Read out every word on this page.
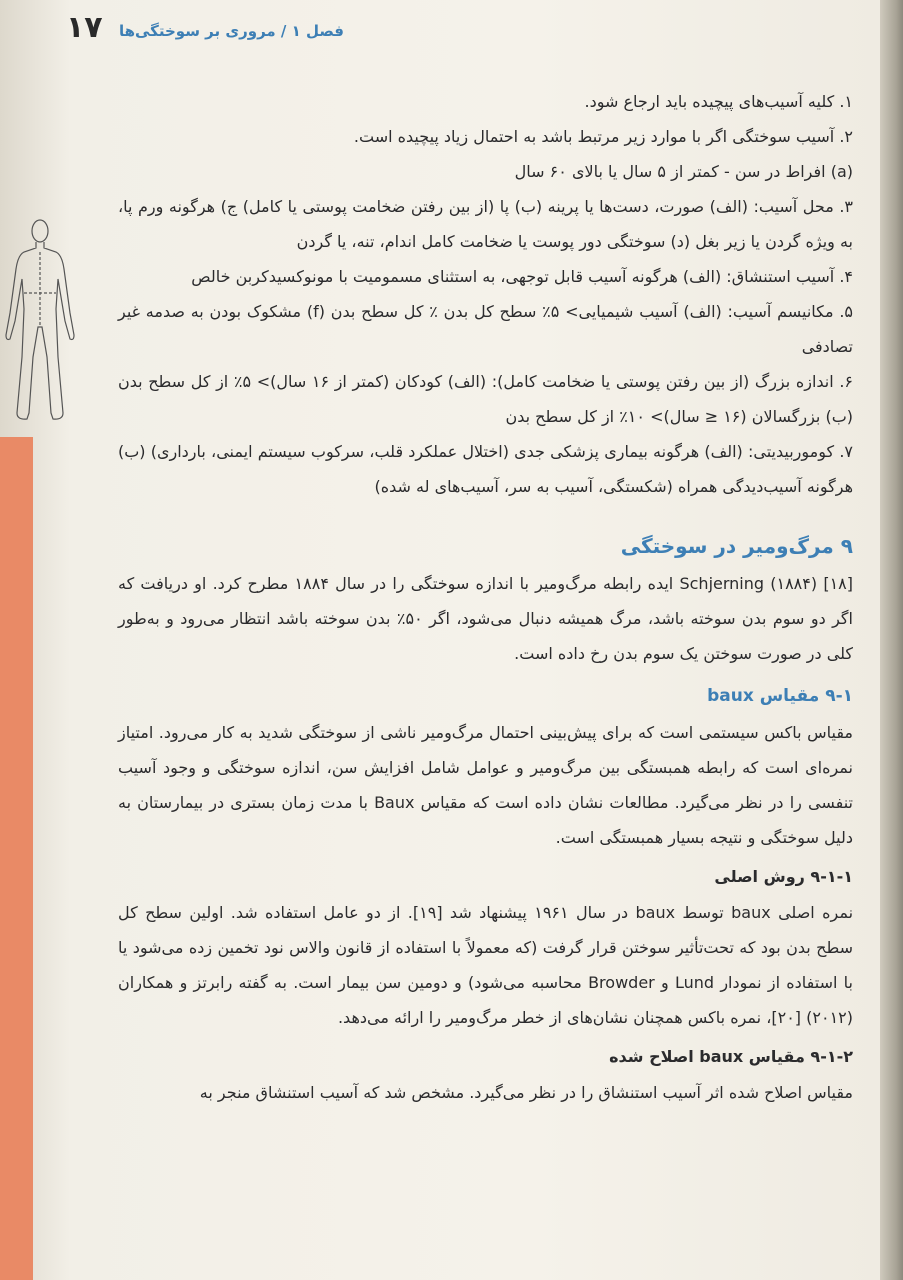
۱۷ فصل ۱ / مروری بر سوختگی‌ها
۱. کلیه آسیب‌های پیچیده باید ارجاع شود.
۲. آسیب سوختگی اگر با موارد زیر مرتبط باشد به احتمال زیاد پیچیده است.
(a) افراط در سن - کمتر از ۵ سال یا بالای ۶۰ سال
۳. محل آسیب: (الف) صورت، دست‌ها یا پرینه (ب) پا (از بین رفتن ضخامت پوستی یا کامل) ج) هرگونه ورم پا، به ویژه گردن یا زیر بغل (د) سوختگی دور پوست یا ضخامت کامل اندام، تنه، یا گردن
۴. آسیب استنشاق: (الف) هرگونه آسیب قابل توجهی، به استثنای مسمومیت با مونوکسیدکربن خالص
۵. مکانیسم آسیب: (الف) آسیب شیمیایی> ۵٪ سطح کل بدن ٪ کل سطح بدن (f) مشکوک بودن به صدمه غیر تصادفی
۶. اندازه بزرگ (از بین رفتن پوستی یا ضخامت کامل): (الف) کودکان (کمتر از ۱۶ سال)> ۵٪ از کل سطح بدن (ب) بزرگسالان (۱۶ ≤ سال)> ۱۰٪ از کل سطح بدن
۷. کوموربیدیتی: (الف) هرگونه بیماری پزشکی جدی (اختلال عملکرد قلب، سرکوب سیستم ایمنی، بارداری) (ب) هرگونه آسیب‌دیدگی همراه (شکستگی، آسیب به سر، آسیب‌های له شده)
۹ مرگ‌ومیر در سوختگی

Schjerning (۱۸۸۴) [۱۸] ایده رابطه مرگ‌ومیر با اندازه سوختگی را در سال ۱۸۸۴ مطرح کرد. او دریافت که اگر دو سوم بدن سوخته باشد، مرگ همیشه دنبال می‌شود، اگر ۵۰٪ بدن سوخته باشد انتظار می‌رود و به‌طور کلی در صورت سوختن یک سوم بدن رخ داده است.

۹-۱ مقیاس baux

مقیاس باکس سیستمی است که برای پیش‌بینی احتمال مرگ‌ومیر ناشی از سوختگی شدید به کار می‌رود. امتیاز نمره‌ای است که رابطه همبستگی بین مرگ‌ومیر و عوامل شامل افزایش سن، اندازه سوختگی و وجود آسیب تنفسی را در نظر می‌گیرد. مطالعات نشان داده است که مقیاس Baux با مدت زمان بستری در بیمارستان به دلیل سوختگی و نتیجه بسیار همبستگی است.

۹-۱-۱ روش اصلی

نمره اصلی baux توسط baux در سال ۱۹۶۱ پیشنهاد شد [۱۹]. از دو عامل استفاده شد. اولین سطح کل سطح بدن بود که تحت‌تأثیر سوختن قرار گرفت (که معمولاً با استفاده از قانون والاس نود تخمین زده می‌شود یا با استفاده از نمودار Lund و Browder محاسبه می‌شود) و دومین سن بیمار است. به گفته رابرتز و همکاران (۲۰۱۲) [۲۰]، نمره باکس همچنان نشان‌های از خطر مرگ‌ومیر را ارائه می‌دهد.

۹-۱-۲ مقیاس baux اصلاح شده

مقیاس اصلاح شده اثر آسیب استنشاق را در نظر می‌گیرد. مشخص شد که آسیب استنشاق منجر به
